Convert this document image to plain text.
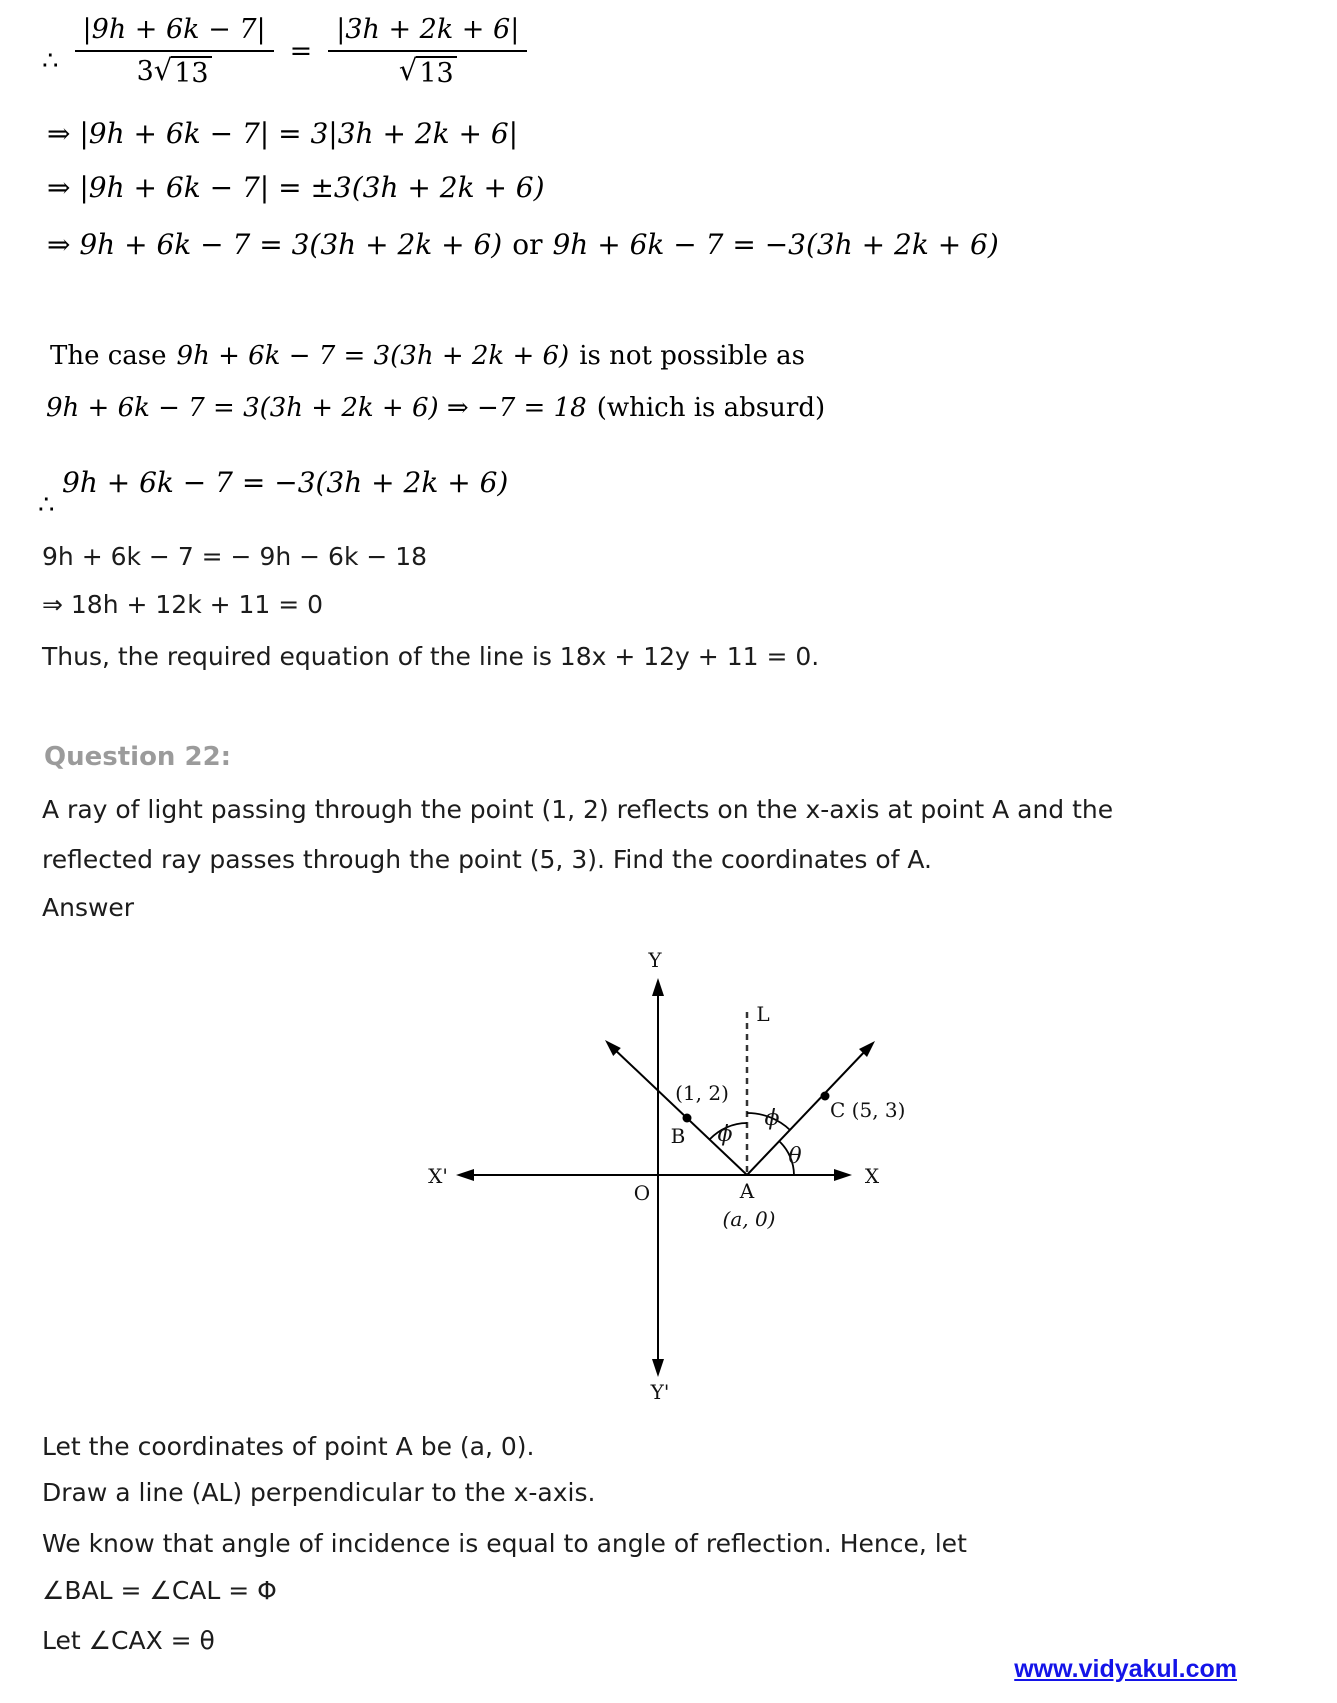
∴ $\frac{|9h + 6k - 7|}{3 √ 13} = \frac{|3h + 2k + 6|}{√ 13}$
⇒ |9h + 6k − 7| = 3|3h + 2k + 6|
⇒ |9h + 6k − 7| = ±3(3h + 2k + 6)
⇒ 9h + 6k − 7 = 3(3h + 2k + 6) or 9h + 6k − 7 = −3(3h + 2k + 6)
The case 9h + 6k − 7 = 3(3h + 2k + 6) is not possible as
9h + 6k − 7 = 3(3h + 2k + 6) ⇒ −7 = 18 (which is absurd)
9h + 6k − 7 = −3(3h + 2k + 6)
∴
9h + 6k − 7 = − 9h − 6k − 18
⇒ 18h + 12k + 11 = 0
Thus, the required equation of the line is 18x + 12y + 11 = 0.
Question 22:
A ray of light passing through the point (1, 2) reflects on the x-axis at point A and the
reflected ray passes through the point (5, 3). Find the coordinates of A.
Answer
Y
Y'
X'	X
O
L
(1, 2)
B
C (5, 3)
A
(a, 0)
ϕ
ϕ
θ
Let the coordinates of point A be (a, 0).
Draw a line (AL) perpendicular to the x-axis.
We know that angle of incidence is equal to angle of reflection. Hence, let
∠BAL = ∠CAL = Φ
Let ∠CAX = θ
www.vidyakul.com
